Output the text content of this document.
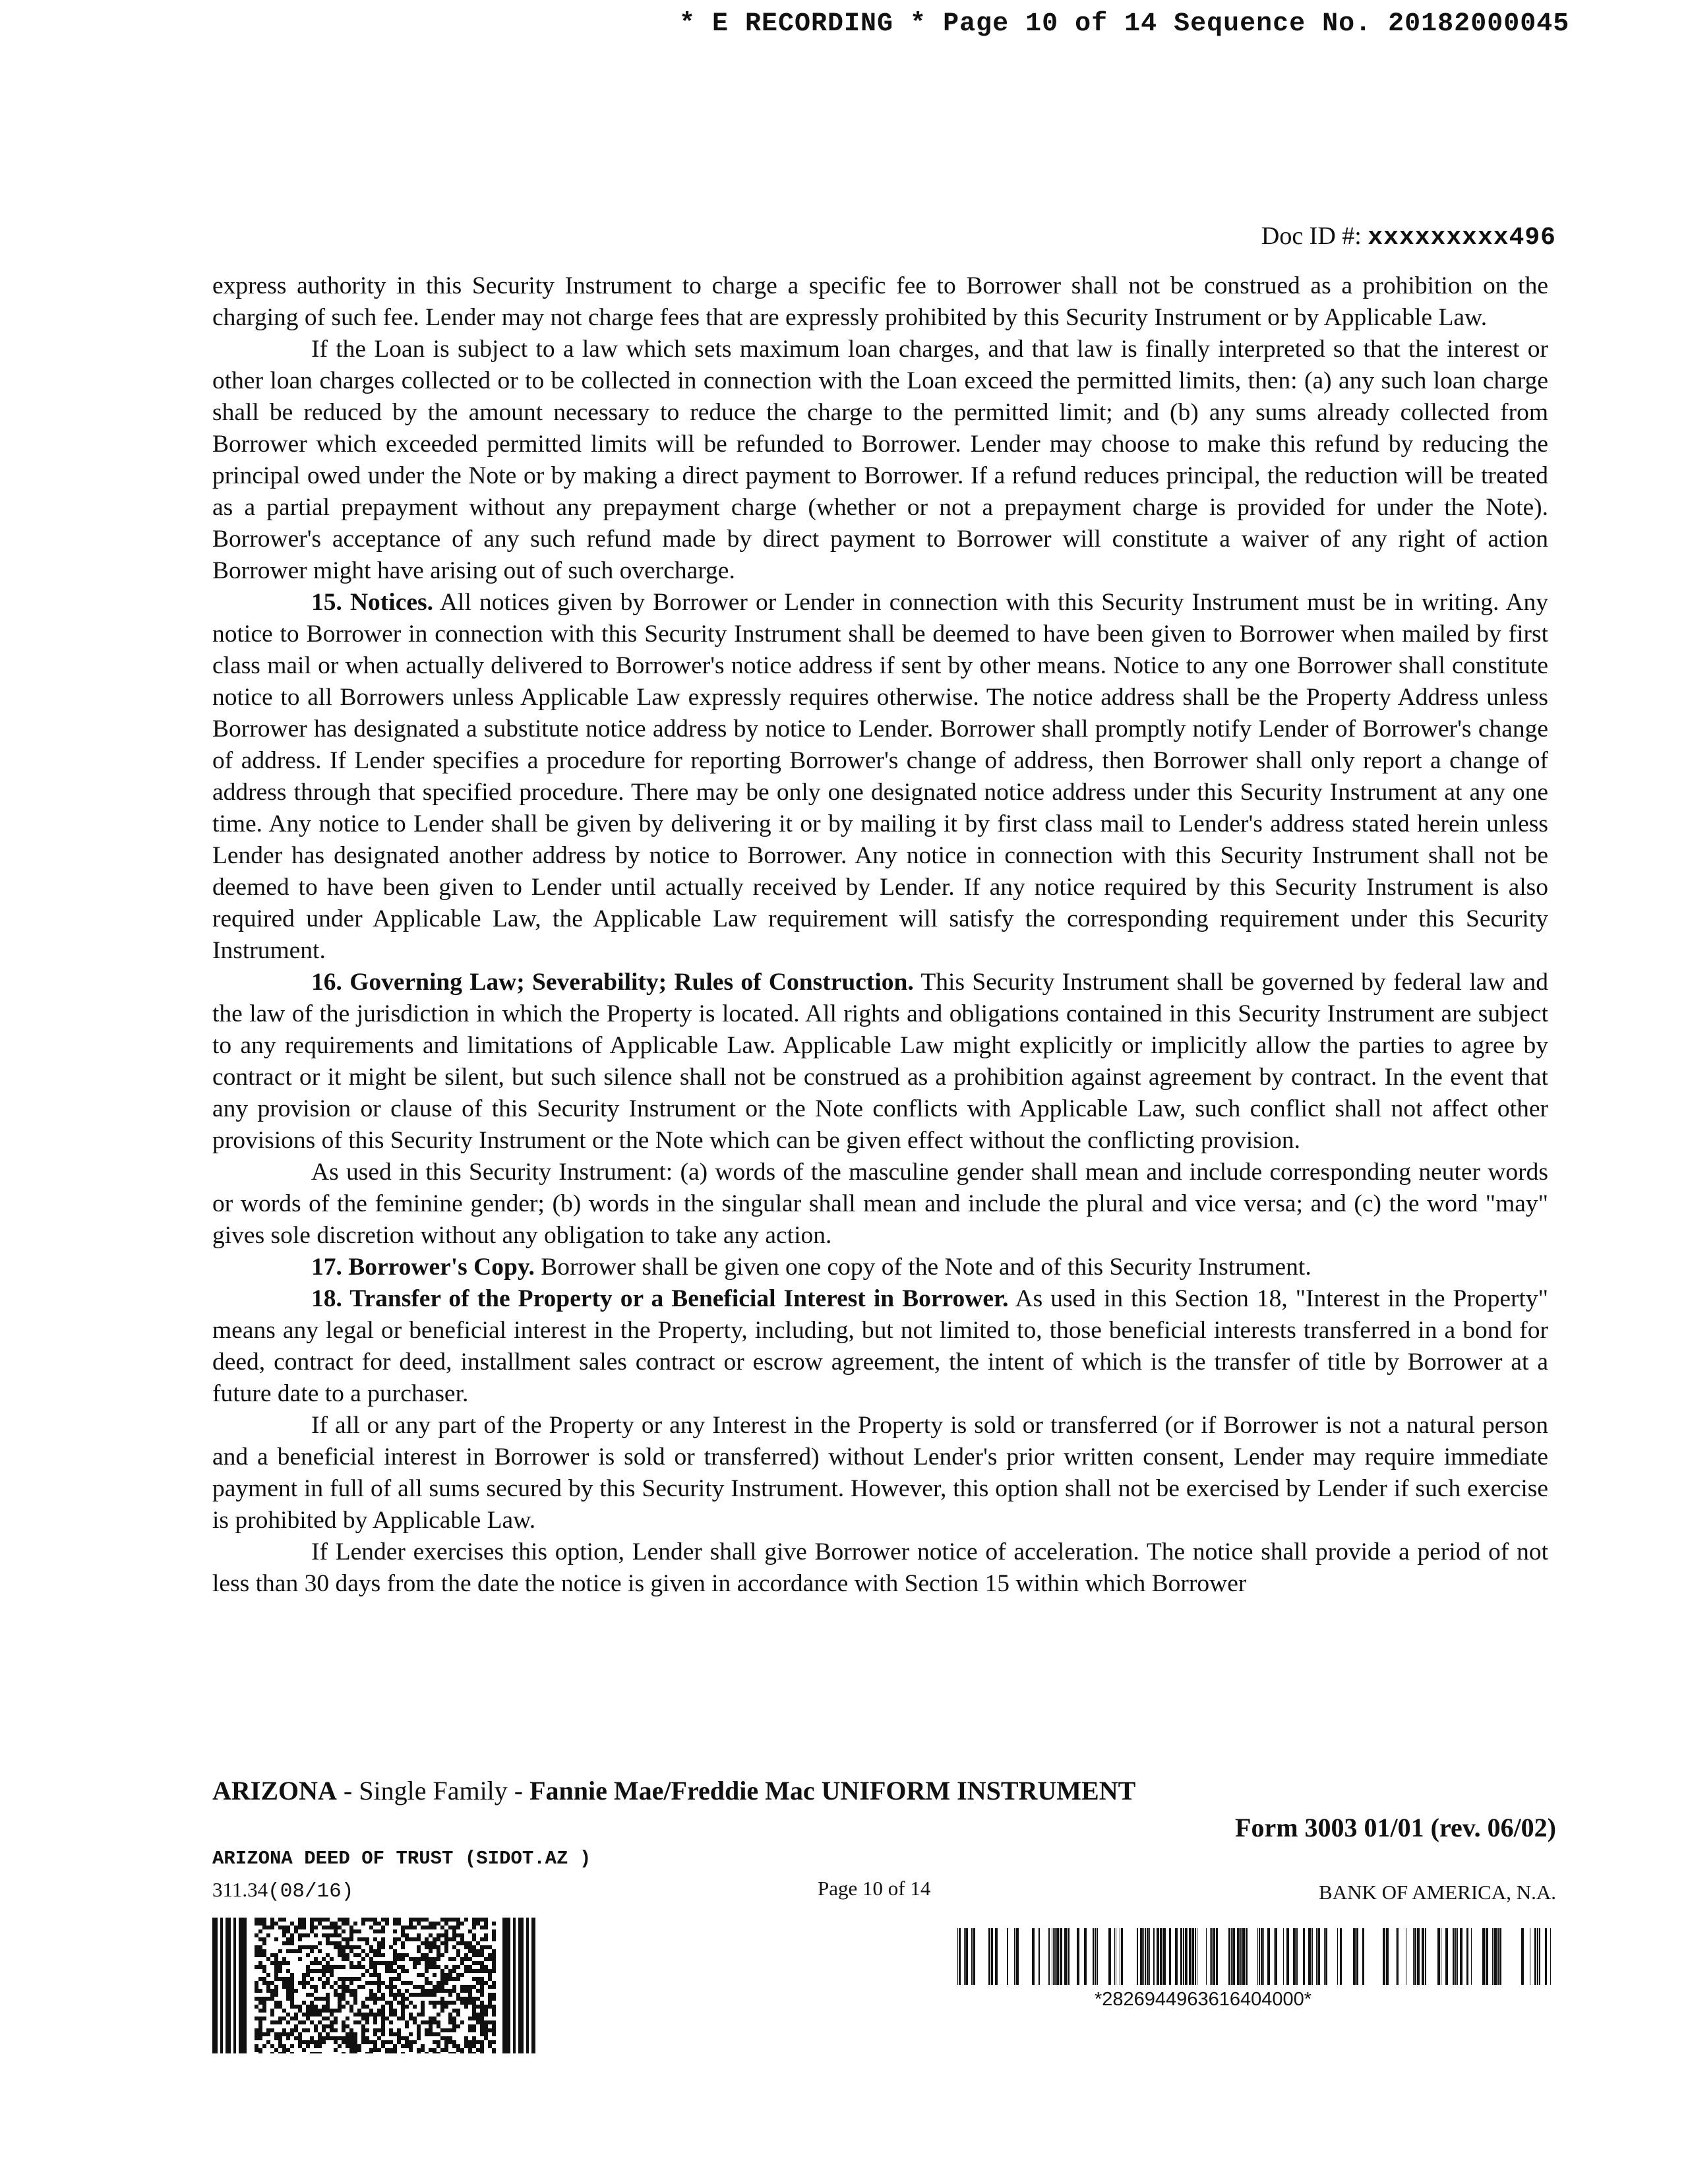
* E RECORDING * Page 10 of 14 Sequence No. 20182000045
Doc ID #: xxxxxxxxx496

express authority in this Security Instrument to charge a specific fee to Borrower shall not be construed as a prohibition on the charging of such fee. Lender may not charge fees that are expressly prohibited by this Security Instrument or by Applicable Law.

If the Loan is subject to a law which sets maximum loan charges, and that law is finally interpreted so that the interest or other loan charges collected or to be collected in connection with the Loan exceed the permitted limits, then: (a) any such loan charge shall be reduced by the amount necessary to reduce the charge to the permitted limit; and (b) any sums already collected from Borrower which exceeded permitted limits will be refunded to Borrower. Lender may choose to make this refund by reducing the principal owed under the Note or by making a direct payment to Borrower. If a refund reduces principal, the reduction will be treated as a partial prepayment without any prepayment charge (whether or not a prepayment charge is provided for under the Note). Borrower's acceptance of any such refund made by direct payment to Borrower will constitute a waiver of any right of action Borrower might have arising out of such overcharge.

15. Notices. All notices given by Borrower or Lender in connection with this Security Instrument must be in writing. Any notice to Borrower in connection with this Security Instrument shall be deemed to have been given to Borrower when mailed by first class mail or when actually delivered to Borrower's notice address if sent by other means. Notice to any one Borrower shall constitute notice to all Borrowers unless Applicable Law expressly requires otherwise. The notice address shall be the Property Address unless Borrower has designated a substitute notice address by notice to Lender. Borrower shall promptly notify Lender of Borrower's change of address. If Lender specifies a procedure for reporting Borrower's change of address, then Borrower shall only report a change of address through that specified procedure. There may be only one designated notice address under this Security Instrument at any one time. Any notice to Lender shall be given by delivering it or by mailing it by first class mail to Lender's address stated herein unless Lender has designated another address by notice to Borrower. Any notice in connection with this Security Instrument shall not be deemed to have been given to Lender until actually received by Lender. If any notice required by this Security Instrument is also required under Applicable Law, the Applicable Law requirement will satisfy the corresponding requirement under this Security Instrument.

16. Governing Law; Severability; Rules of Construction. This Security Instrument shall be governed by federal law and the law of the jurisdiction in which the Property is located. All rights and obligations contained in this Security Instrument are subject to any requirements and limitations of Applicable Law. Applicable Law might explicitly or implicitly allow the parties to agree by contract or it might be silent, but such silence shall not be construed as a prohibition against agreement by contract. In the event that any provision or clause of this Security Instrument or the Note conflicts with Applicable Law, such conflict shall not affect other provisions of this Security Instrument or the Note which can be given effect without the conflicting provision.

As used in this Security Instrument: (a) words of the masculine gender shall mean and include corresponding neuter words or words of the feminine gender; (b) words in the singular shall mean and include the plural and vice versa; and (c) the word "may" gives sole discretion without any obligation to take any action.

17. Borrower's Copy. Borrower shall be given one copy of the Note and of this Security Instrument.

18. Transfer of the Property or a Beneficial Interest in Borrower. As used in this Section 18, "Interest in the Property" means any legal or beneficial interest in the Property, including, but not limited to, those beneficial interests transferred in a bond for deed, contract for deed, installment sales contract or escrow agreement, the intent of which is the transfer of title by Borrower at a future date to a purchaser.

If all or any part of the Property or any Interest in the Property is sold or transferred (or if Borrower is not a natural person and a beneficial interest in Borrower is sold or transferred) without Lender's prior written consent, Lender may require immediate payment in full of all sums secured by this Security Instrument. However, this option shall not be exercised by Lender if such exercise is prohibited by Applicable Law.

If Lender exercises this option, Lender shall give Borrower notice of acceleration. The notice shall provide a period of not less than 30 days from the date the notice is given in accordance with Section 15 within which Borrower

ARIZONA - Single Family - Fannie Mae/Freddie Mac UNIFORM INSTRUMENT
Form 3003 01/01 (rev. 06/02)
ARIZONA DEED OF TRUST (SIDOT.AZ )
311.34(08/16)	Page 10 of 14	BANK OF AMERICA, N.A.
*2826944963616404000*
